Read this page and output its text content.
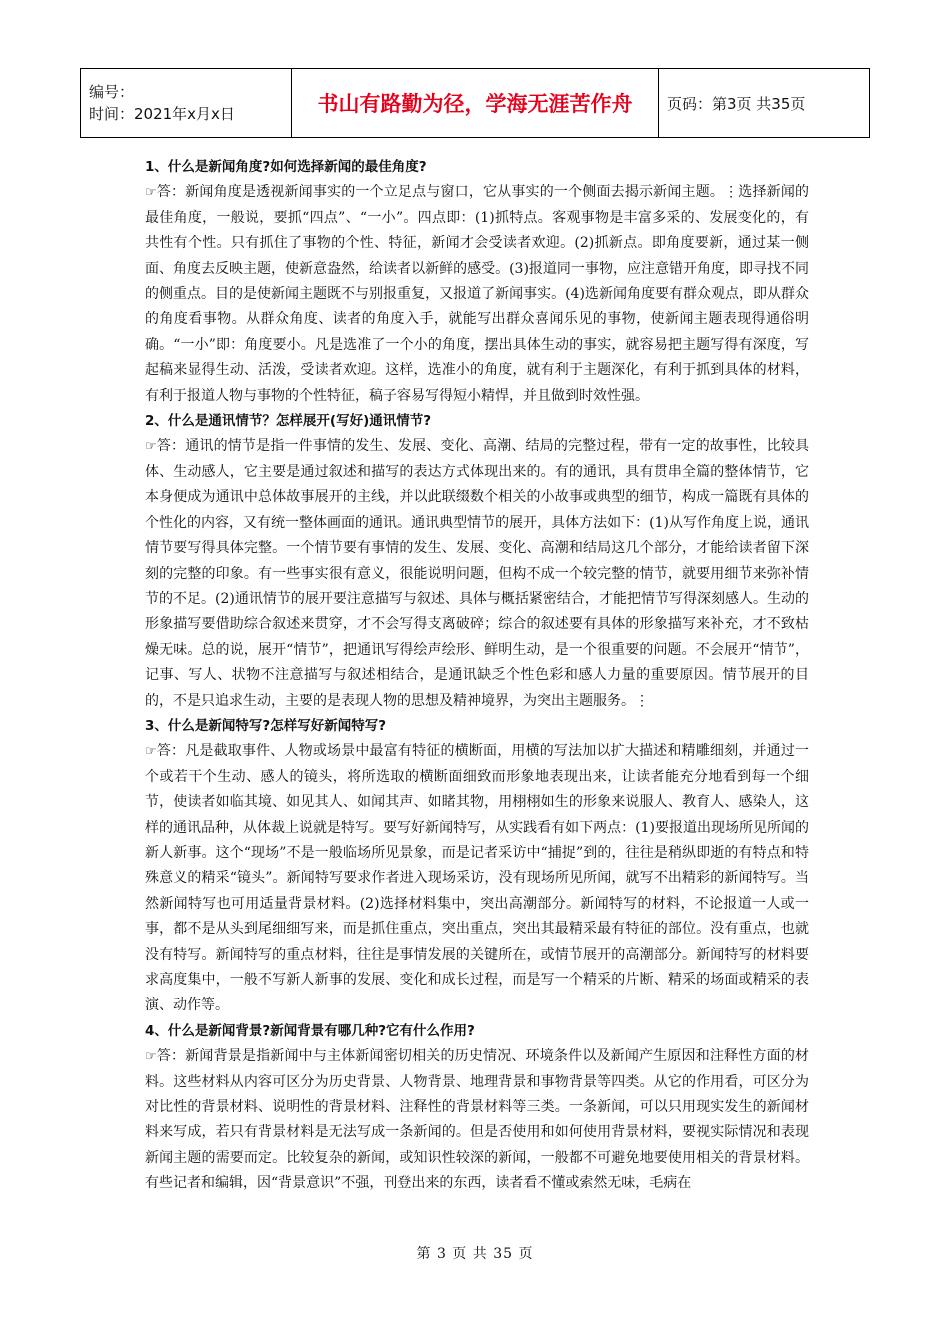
编号：
时间：2021年x月x日	书山有路勤为径，学海无涯苦作舟	页码：第3页 共35页

1、什么是新闻角度?如何选择新闻的最佳角度?

☞答：新闻角度是透视新闻事实的一个立足点与窗口，它从事实的一个侧面去揭示新闻主题。⋮选择新闻的最佳角度，一般说，要抓“四点”、“一小”。四点即：(1)抓特点。客观事物是丰富多采的、发展变化的，有共性有个性。只有抓住了事物的个性、特征，新闻才会受读者欢迎。(2)抓新点。即角度要新，通过某一侧面、角度去反映主题，使新意盎然，给读者以新鲜的感受。(3)报道同一事物，应注意错开角度，即寻找不同的侧重点。目的是使新闻主题既不与别报重复，又报道了新闻事实。(4)选新闻角度要有群众观点，即从群众的角度看事物。从群众角度、读者的角度入手，就能写出群众喜闻乐见的事物，使新闻主题表现得通俗明确。“一小”即：角度要小。凡是选准了一个小的角度，摆出具体生动的事实，就容易把主题写得有深度，写起稿来显得生动、活泼，受读者欢迎。这样，选准小的角度，就有利于主题深化，有利于抓到具体的材料，有利于报道人物与事物的个性特征，稿子容易写得短小精悍，并且做到时效性强。

2、什么是通讯情节？怎样展开(写好)通讯情节?

☞答：通讯的情节是指一件事情的发生、发展、变化、高潮、结局的完整过程，带有一定的故事性，比较具体、生动感人，它主要是通过叙述和描写的表达方式体现出来的。有的通讯，具有贯串全篇的整体情节，它本身便成为通讯中总体故事展开的主线，并以此联缀数个相关的小故事或典型的细节，构成一篇既有具体的个性化的内容，又有统一整体画面的通讯。通讯典型情节的展开，具体方法如下：(1)从写作角度上说，通讯情节要写得具体完整。一个情节要有事情的发生、发展、变化、高潮和结局这几个部分，才能给读者留下深刻的完整的印象。有一些事实很有意义，很能说明问题，但构不成一个较完整的情节，就要用细节来弥补情节的不足。(2)通讯情节的展开要注意描写与叙述、具体与概括紧密结合，才能把情节写得深刻感人。生动的形象描写要借助综合叙述来贯穿，才不会写得支离破碎；综合的叙述要有具体的形象描写来补充，才不致枯燥无味。总的说，展开“情节”，把通讯写得绘声绘形、鲜明生动，是一个很重要的问题。不会展开“情节”，记事、写人、状物不注意描写与叙述相结合，是通讯缺乏个性色彩和感人力量的重要原因。情节展开的目的，不是只追求生动，主要的是表现人物的思想及精神境界，为突出主题服务。⋮

3、什么是新闻特写?怎样写好新闻特写?

☞答：凡是截取事件、人物或场景中最富有特征的横断面，用横的写法加以扩大描述和精雕细刻，并通过一个或若干个生动、感人的镜头，将所选取的横断面细致而形象地表现出来，让读者能充分地看到每一个细节，使读者如临其境、如见其人、如闻其声、如睹其物，用栩栩如生的形象来说服人、教育人、感染人，这样的通讯品种，从体裁上说就是特写。要写好新闻特写，从实践看有如下两点：(1)要报道出现场所见所闻的新人新事。这个“现场”不是一般临场所见景象，而是记者采访中“捕捉”到的，往往是稍纵即逝的有特点和特殊意义的精采“镜头”。新闻特写要求作者进入现场采访，没有现场所见所闻，就写不出精彩的新闻特写。当然新闻特写也可用适量背景材料。(2)选择材料集中，突出高潮部分。新闻特写的材料，不论报道一人或一事，都不是从头到尾细细写来，而是抓住重点，突出重点，突出其最精采最有特征的部位。没有重点，也就没有特写。新闻特写的重点材料，往往是事情发展的关键所在，或情节展开的高潮部分。新闻特写的材料要求高度集中，一般不写新人新事的发展、变化和成长过程，而是写一个精采的片断、精采的场面或精采的表演、动作等。

4、什么是新闻背景?新闻背景有哪几种?它有什么作用?

☞答：新闻背景是指新闻中与主体新闻密切相关的历史情况、环境条件以及新闻产生原因和注释性方面的材料。这些材料从内容可区分为历史背景、人物背景、地理背景和事物背景等四类。从它的作用看，可区分为对比性的背景材料、说明性的背景材料、注释性的背景材料等三类。一条新闻，可以只用现实发生的新闻材料来写成，若只有背景材料是无法写成一条新闻的。但是否使用和如何使用背景材料，要视实际情况和表现新闻主题的需要而定。比较复杂的新闻，或知识性较深的新闻，一般都不可避免地要使用相关的背景材料。有些记者和编辑，因“背景意识”不强，刊登出来的东西，读者看不懂或索然无味，毛病在

第 3 页 共 35 页
